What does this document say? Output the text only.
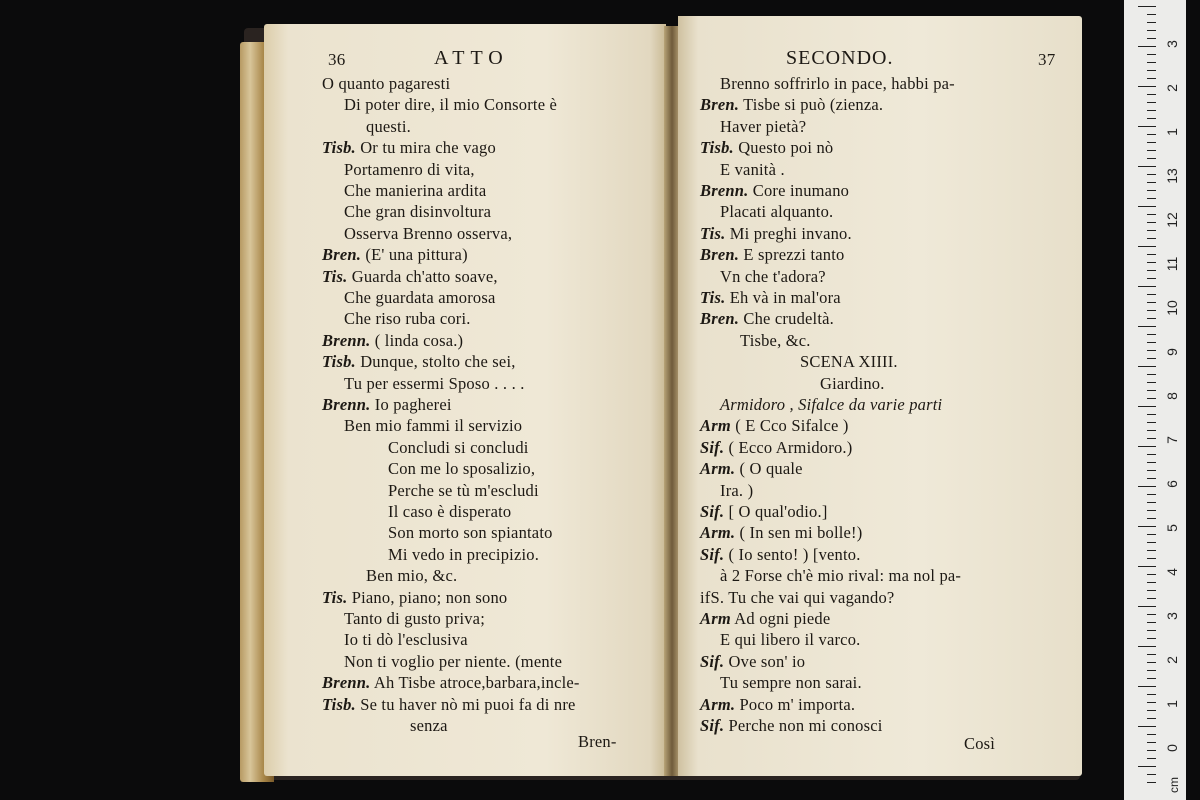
36	ATTO
Bren-
O quanto pagaresti
Di poter dire, il mio Consorte è
questi.
Tisb. Or tu mira che vago
Portamenro di vita,
Che manierina ardita
Che gran disinvoltura
Osserva Brenno osserva,
Bren. (E' una pittura)
Tis. Guarda ch'atto soave,
Che guardata amorosa
Che riso ruba cori.
Brenn. ( linda cosa.)
Tisb. Dunque, stolto che sei,
Tu per essermi Sposo . . . .
Brenn. Io pagherei
Ben mio fammi il servizio
Concludi si concludi
Con me lo sposalizio,
Perche se tù m'escludi
Il caso è disperato
Son morto son spiantato
Mi vedo in precipizio.
Ben mio, &c.
Tis. Piano, piano; non sono
Tanto di gusto priva;
Io ti dò l'esclusiva
Non ti voglio per niente. (mente
Brenn. Ah Tisbe atroce,barbara,incle-
Tisb. Se tu haver nò mi puoi fa di nre
senza
SECONDO.	37
Così
Brenno soffrirlo in pace, habbi pa-
Bren. Tisbe si può (zienza.
Haver pietà?
Tisb. Questo poi nò
E vanità .
Brenn. Core inumano
Placati alquanto.
Tis. Mi preghi invano.
Bren. E sprezzi tanto
Vn che t'adora?
Tis. Eh và in mal'ora
Bren. Che crudeltà.
Tisbe, &c.
SCENA XIIII.
Giardino.
Armidoro , Sifalce da varie parti
Arm ( E Cco Sifalce )
Sif. ( Ecco Armidoro.)
Arm. ( O quale
Ira. )
Sif. [ O qual'odio.]
Arm. ( In sen mi bolle!)
Sif. ( Io sento! ) [vento.
à 2 Forse ch'è mio rival: ma nol pa-
ifS. Tu che vai qui vagando?
Arm Ad ogni piede
E qui libero il varco.
Sif. Ove son' io
Tu sempre non sarai.
Arm. Poco m' importa.
Sif. Perche non mi conosci
cm
3
2
1
13
12
11
10
9
8
7
6
5
4
3
2
1
0
